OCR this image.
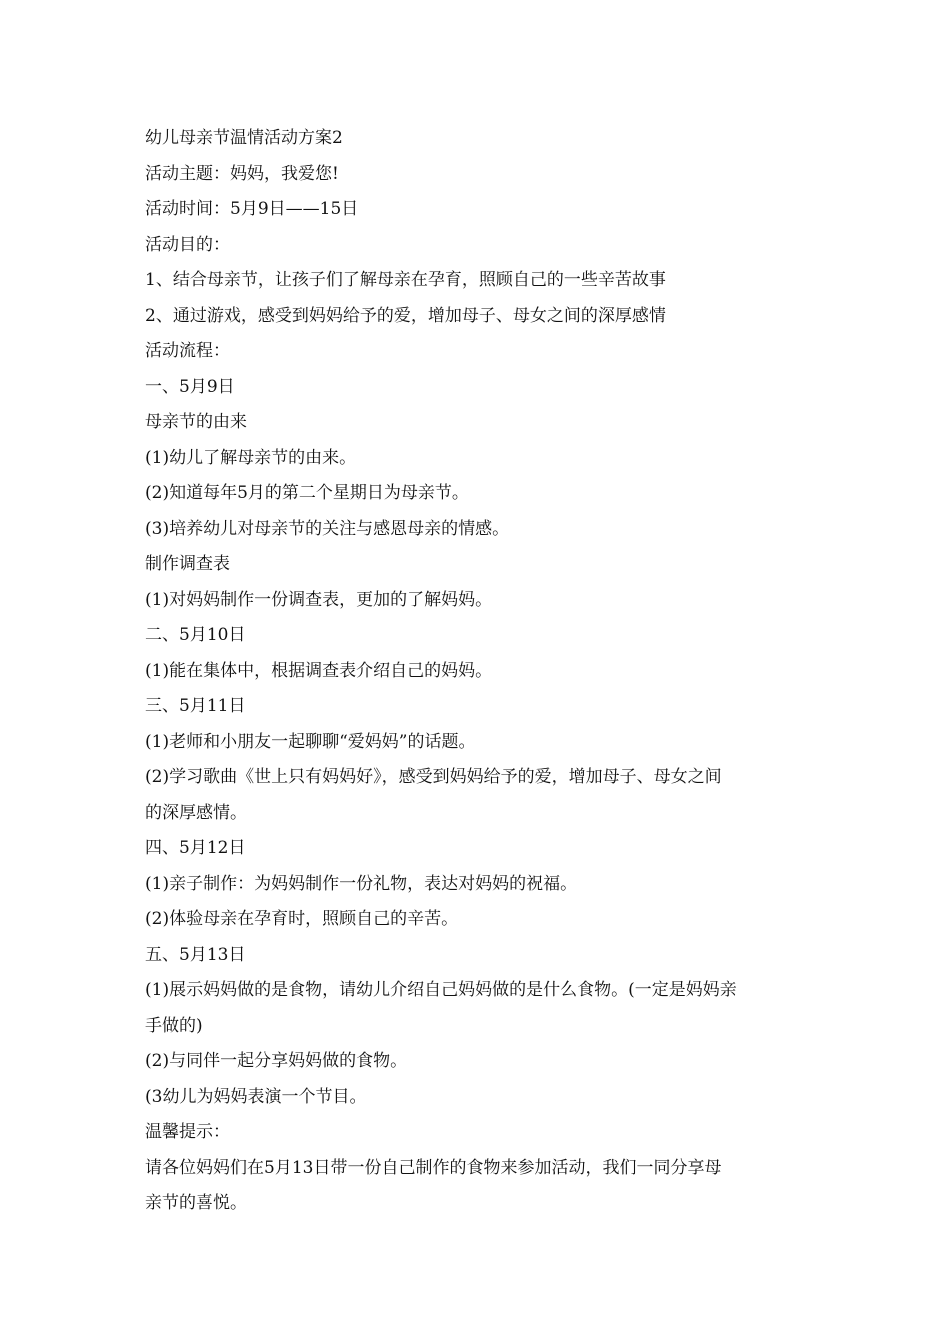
幼儿母亲节温情活动方案2
活动主题：妈妈，我爱您!
活动时间：5月9日——15日
活动目的：
1、结合母亲节，让孩子们了解母亲在孕育，照顾自己的一些辛苦故事
2、通过游戏，感受到妈妈给予的爱，增加母子、母女之间的深厚感情
活动流程：
一、5月9日
母亲节的由来
(1)幼儿了解母亲节的由来。
(2)知道每年5月的第二个星期日为母亲节。
(3)培养幼儿对母亲节的关注与感恩母亲的情感。
制作调查表
(1)对妈妈制作一份调查表，更加的了解妈妈。
二、5月10日
(1)能在集体中，根据调查表介绍自己的妈妈。
三、5月11日
(1)老师和小朋友一起聊聊“爱妈妈”的话题。
(2)学习歌曲《世上只有妈妈好》，感受到妈妈给予的爱，增加母子、母女之间
的深厚感情。
四、5月12日
(1)亲子制作：为妈妈制作一份礼物，表达对妈妈的祝福。
(2)体验母亲在孕育时，照顾自己的辛苦。
五、5月13日
(1)展示妈妈做的是食物，请幼儿介绍自己妈妈做的是什么食物。(一定是妈妈亲
手做的)
(2)与同伴一起分享妈妈做的食物。
(3幼儿为妈妈表演一个节目。
温馨提示：
请各位妈妈们在5月13日带一份自己制作的食物来参加活动，我们一同分享母
亲节的喜悦。
